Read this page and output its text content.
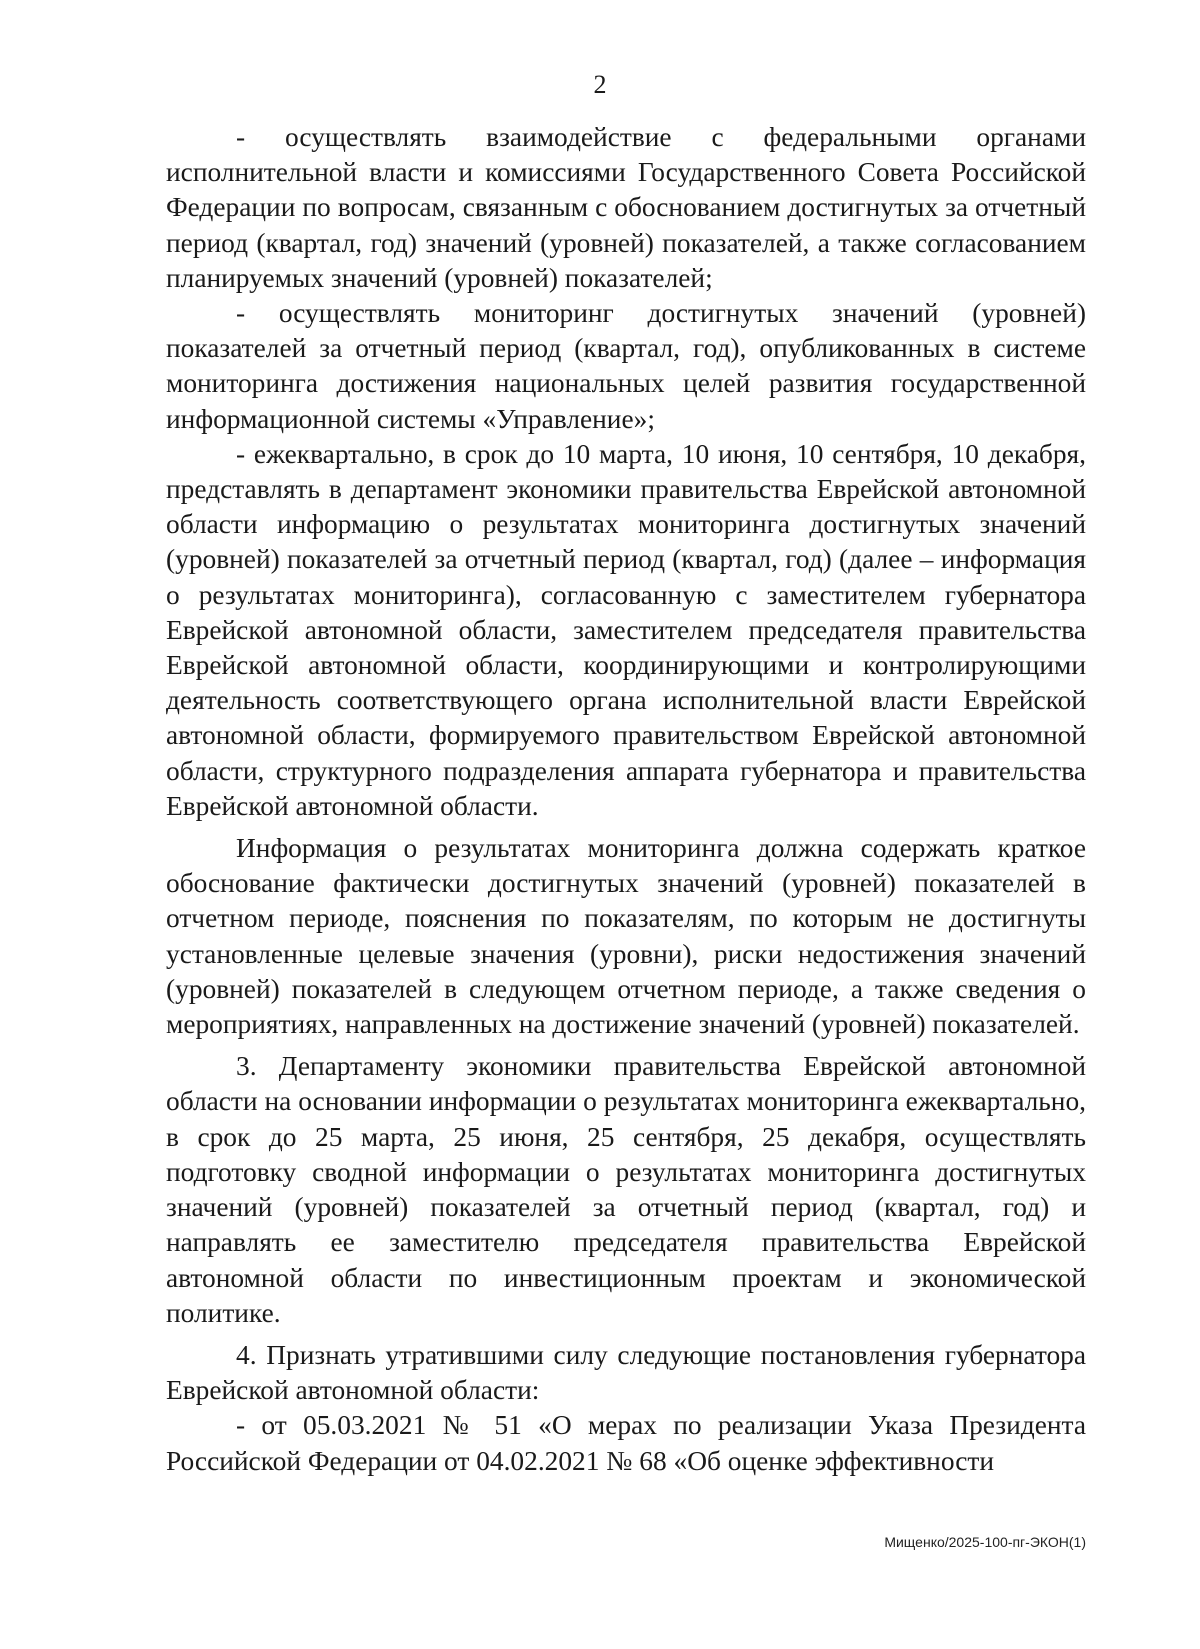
2

- осуществлять взаимодействие с федеральными органами исполнительной власти и комиссиями Государственного Совета Российской Федерации по вопросам, связанным с обоснованием достигнутых за отчетный период (квартал, год) значений (уровней) показателей, а также согласованием планируемых значений (уровней) показателей;

- осуществлять мониторинг достигнутых значений (уровней) показателей за отчетный период (квартал, год), опубликованных в системе мониторинга достижения национальных целей развития государственной информационной системы «Управление»;

- ежеквартально, в срок до 10 марта, 10 июня, 10 сентября, 10 декабря, представлять в департамент экономики правительства Еврейской автономной области информацию о результатах мониторинга достигнутых значений (уровней) показателей за отчетный период (квартал, год) (далее – информация о результатах мониторинга), согласованную с заместителем губернатора Еврейской автономной области, заместителем председателя правительства Еврейской автономной области, координирующими и контролирующими деятельность соответствующего органа исполнительной власти Еврейской автономной области, формируемого правительством Еврейской автономной области, структурного подразделения аппарата губернатора и правительства Еврейской автономной области.

Информация о результатах мониторинга должна содержать краткое обоснование фактически достигнутых значений (уровней) показателей в отчетном периоде, пояснения по показателям, по которым не достигнуты установленные целевые значения (уровни), риски недостижения значений (уровней) показателей в следующем отчетном периоде, а также сведения о мероприятиях, направленных на достижение значений (уровней) показателей.

3. Департаменту экономики правительства Еврейской автономной области на основании информации о результатах мониторинга ежеквартально, в срок до 25 марта, 25 июня, 25 сентября, 25 декабря, осуществлять подготовку сводной информации о результатах мониторинга достигнутых значений (уровней) показателей за отчетный период (квартал, год) и направлять ее заместителю председателя правительства Еврейской автономной области по инвестиционным проектам и экономической политике.

4. Признать утратившими силу следующие постановления губернатора Еврейской автономной области:

- от 05.03.2021 № 51 «О мерах по реализации Указа Президента Российской Федерации от 04.02.2021 № 68 «Об оценке эффективности

Мищенко/2025-100-пг-ЭКОН(1)
